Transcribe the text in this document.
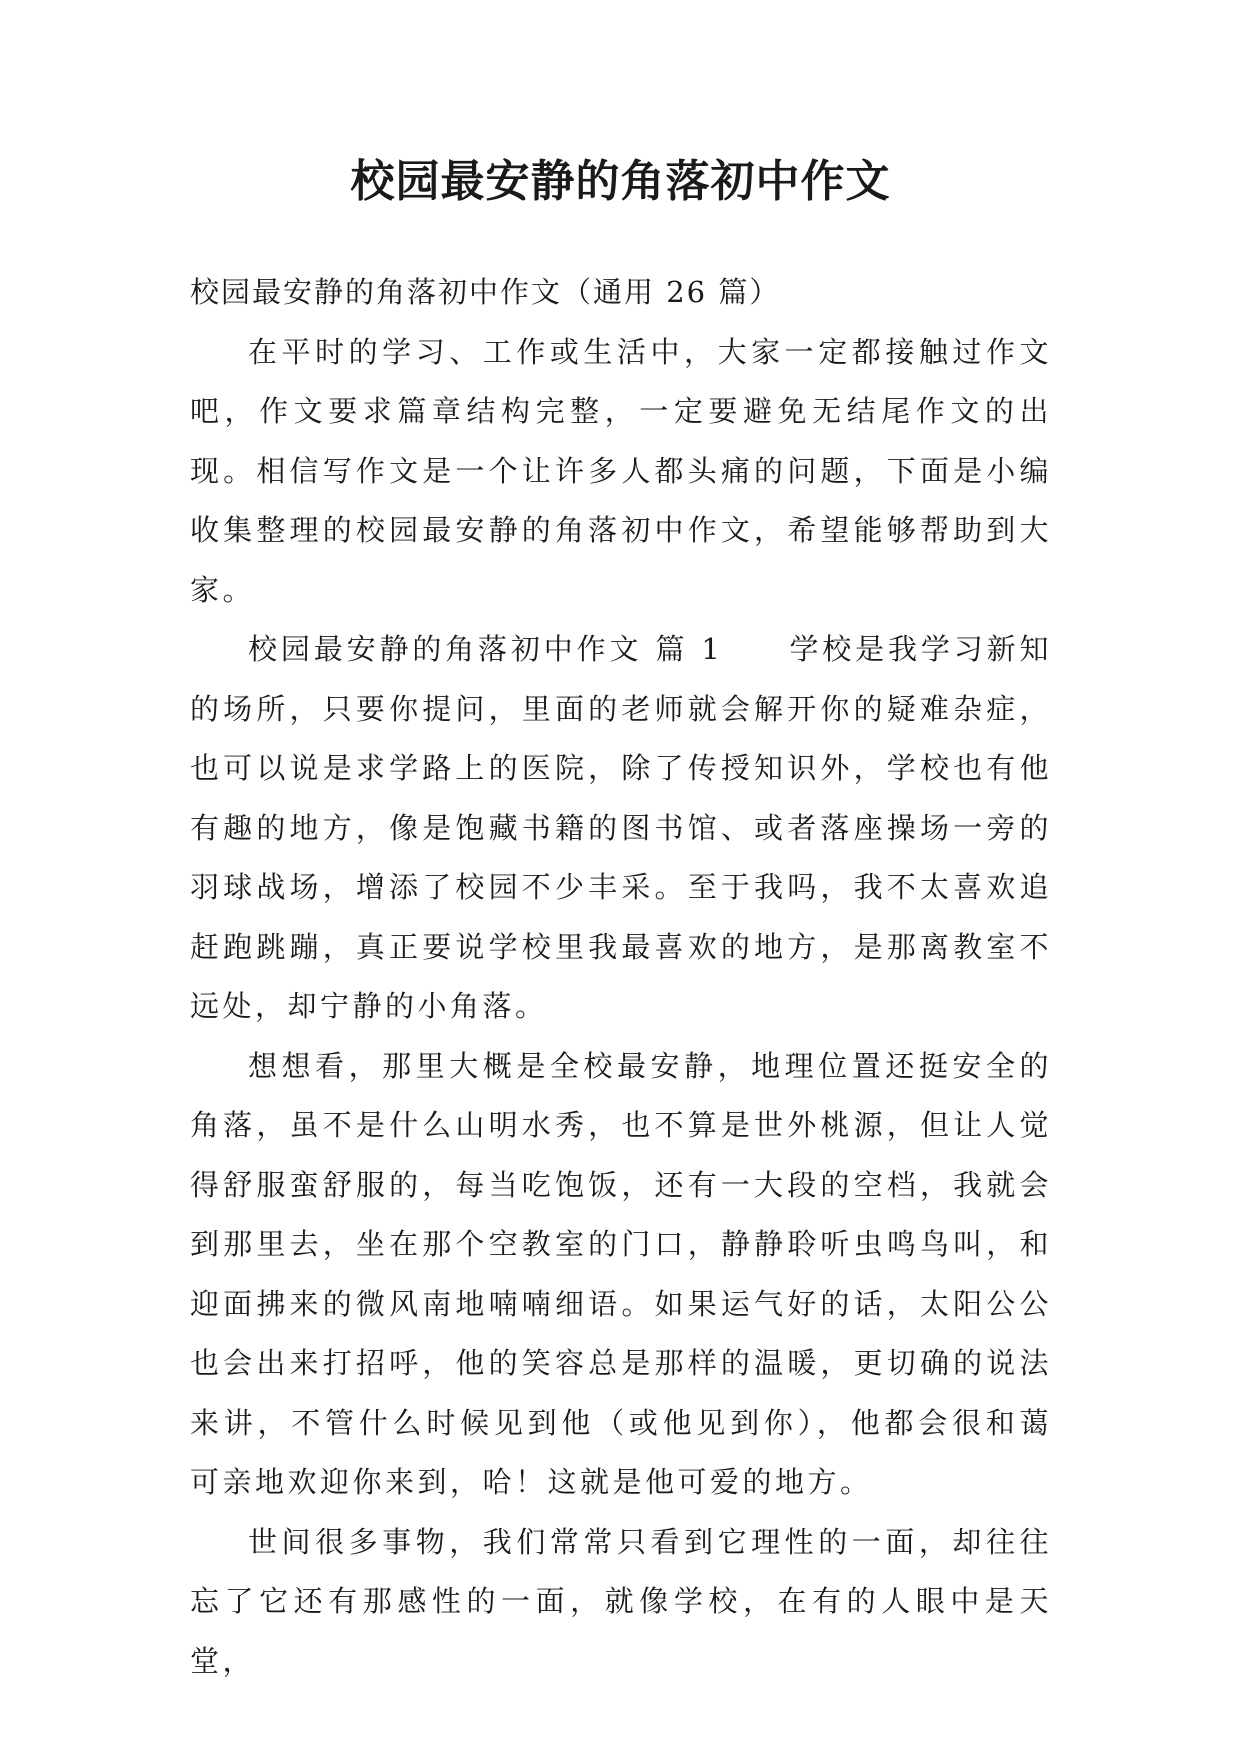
校园最安静的角落初中作文

校园最安静的角落初中作文（通用 26 篇）

在平时的学习、工作或生活中，大家一定都接触过作文吧，作文要求篇章结构完整，一定要避免无结尾作文的出现。相信写作文是一个让许多人都头痛的问题，下面是小编收集整理的校园最安静的角落初中作文，希望能够帮助到大家。

校园最安静的角落初中作文 篇 1　　学校是我学习新知的场所，只要你提问，里面的老师就会解开你的疑难杂症，也可以说是求学路上的医院，除了传授知识外，学校也有他有趣的地方，像是饱藏书籍的图书馆、或者落座操场一旁的羽球战场，增添了校园不少丰采。至于我吗，我不太喜欢追赶跑跳蹦，真正要说学校里我最喜欢的地方，是那离教室不远处，却宁静的小角落。

想想看，那里大概是全校最安静，地理位置还挺安全的角落，虽不是什么山明水秀，也不算是世外桃源，但让人觉得舒服蛮舒服的，每当吃饱饭，还有一大段的空档，我就会到那里去，坐在那个空教室的门口，静静聆听虫鸣鸟叫，和迎面拂来的微风南地喃喃细语。如果运气好的话，太阳公公也会出来打招呼，他的笑容总是那样的温暖，更切确的说法来讲，不管什么时候见到他（或他见到你），他都会很和蔼可亲地欢迎你来到，哈！这就是他可爱的地方。

世间很多事物，我们常常只看到它理性的一面，却往往忘了它还有那感性的一面，就像学校，在有的人眼中是天堂，
